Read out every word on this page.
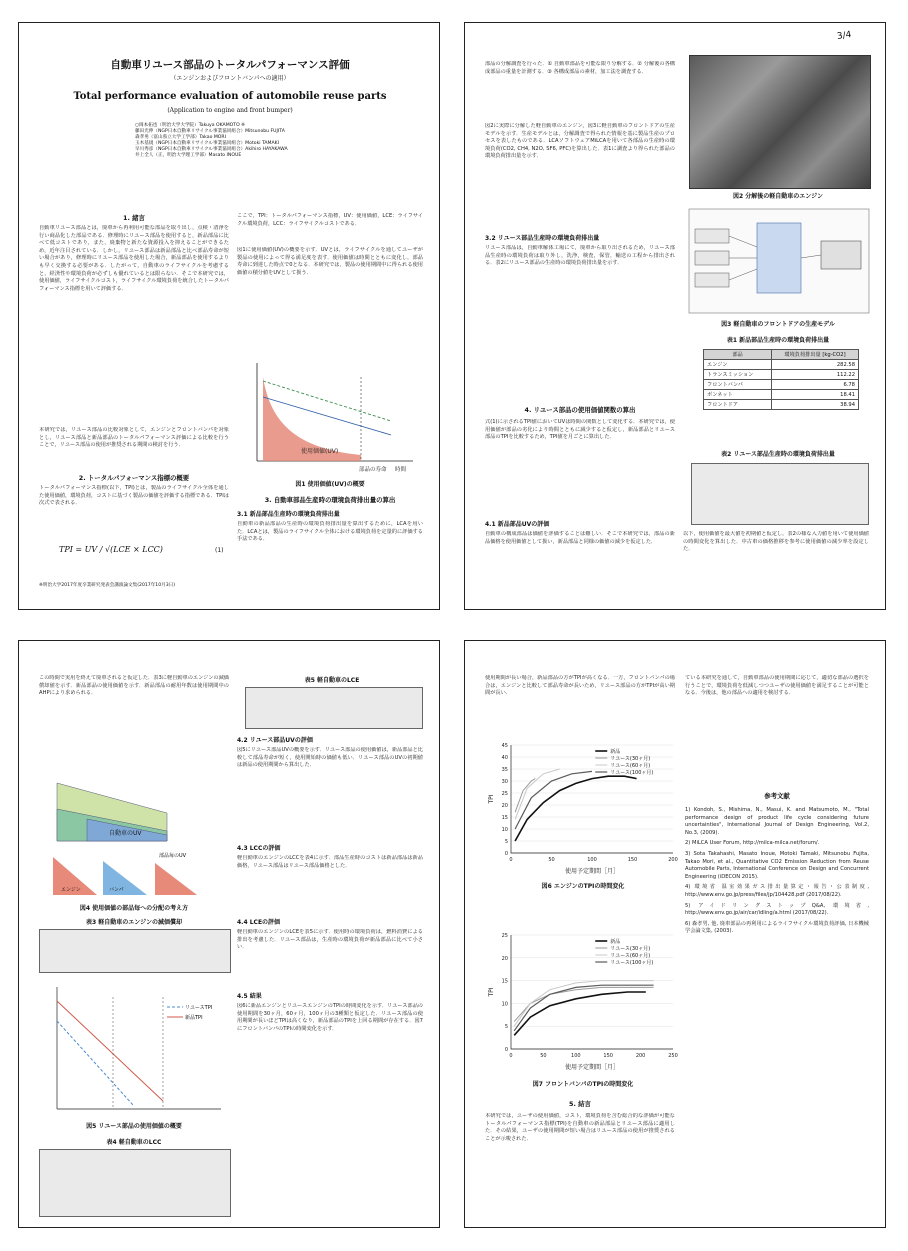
自動車リユース部品のトータルパフォーマンス評価
（エンジンおよびフロントバンパへの適用）
Total performance evaluation of automobile reuse parts
(Application to engine and front bumper)
○岡本拓也（明治大学大学院）Takuya OKAMOTO ※
藤田光伸（NGP日本自動車リサイクル事業協同組合）Mitsunobu FUJITA
森孝男（富山県立大学工学部）Takao MORI
玉木基規（NGP日本自動車リサイクル事業協同組合）Motoki TAMAKI
早川秀彦（NGP日本自動車リサイクル事業協同組合）Akihiro HAYAKAWA
井上全人（正，明治大学理工学部）Masato INOUE
1. 緒言
自動車リユース部品とは，廃車から再利用可能な部品を取り出し，点検・清浄を行い商品化した部品である．修理時にリユース部品を使用すると，新品部品に比べて低コストであり，また，廃棄物と新たな資源投入を抑えることができるため，近年注目されている．しかし，リユース部品は新品部品と比べ部品寿命が短い場合があり，修理時にリユース部品を使用した場合，新品部品を使用するよりも早く交換する必要がある．したがって，自動車のライフサイクルを考慮すると，経済性や環境負荷が必ずしも優れているとは限らない．そこで本研究では，使用価値，ライフサイクルコスト，ライフサイクル環境負荷を統合したトータルパフォーマンス指標を用いて評価する．
本研究では，リユース部品の比較対象として，エンジンとフロントバンパを対象とし，リユース部品と新品部品のトータルパフォーマンス評価による比較を行うことで，リユース部品の使用が推奨される期間の検討を行う．
2. トータルパフォーマンス指標の概要
トータルパフォーマンス指標(以下，TPI)とは，製品のライフサイクル全体を通した使用価値，環境負荷，コストに基づく製品の価値を評価する指標である．TPIは次式で表される．
TPI = UV / √(LCE × LCC)	(1)
※明治大学2017年度卒業研究発表会講演論文集(2017年10月3日)
ここで，TPI：トータルパフォーマンス指標，UV：使用価値，LCE：ライフサイクル環境負荷，LCC：ライフサイクルコストである．
図1に使用価値(UV)の概要を示す．UVとは，ライフサイクルを通してユーザが製品の使用によって得る満足度を表す．使用価値は時間とともに変化し，部品寿命に到達した時点で0となる．本研究では，製品の使用期間中に得られる使用価値の積分値をUVとして扱う．
使用価値(UV)
部品の寿命 時間
図1 使用価値(UV)の概要
3. 自動車部品生産時の環境負荷排出量の算出
3.1 新品部品生産時の環境負荷排出量
自動車の新品部品の生産時の環境負荷排出量を算出するために，LCAを用いた．LCAとは，製品のライフサイクル全体における環境負荷を定量的に評価する手法である．
3/4
部品の分解調査を行った．① 自動車部品を可能な限り分解する．② 分解後の各構成部品の重量を計測する．③ 各構成部品の素材，加工法を調査する．
図2に実際に分解した軽自動車のエンジン，図3に軽自動車のフロントドアの生産モデルを示す．生産モデルとは，分解調査で得られた情報を基に製品生産のプロセスを表したものである．LCAソフトウェアMiLCAを用いて各部品の生産時の環境負荷(CO2, CH4, N2O, SF6, PFC)を算出した．表1に調査より得られた部品の環境負荷排出量を示す．
3.2 リユース部品生産時の環境負荷排出量
リユース部品は，自動車解体工場にて，廃車から取り出されるため，リユース部品生産時の環境負荷は取り外し，洗浄，検査，保管，輸送の工程から排出される．表2にリユース部品の生産時の環境負荷排出量を示す．
4. リユース部品の使用価値関数の算出
式(1)に示されるTPI値においてUVは時間の関数として変化する．本研究では，使用価値が部品の劣化により時間とともに減少すると仮定し，新品部品とリユース部品のTPIを比較するため，TPI値を月ごとに算出した．
4.1 新品部品UVの評価
自動車の構成部品は価値を評価することは難しい．そこで本研究では，部品の新品価格を使用価値として扱い，新品部品と同様の価値の減少を仮定した．
図2 分解後の軽自動車のエンジン
図3 軽自動車のフロントドアの生産モデル
表1 新品部品生産時の環境負荷排出量
部品	環境負荷排出量 [kg-CO2]
エンジン	282.58
トランスミッション	112.22
フロントバンパ	6.78
ボンネット	18.41
フロントドア	38.94
表2 リユース部品生産時の環境負荷排出量
以下，使用価値を最大値を初期値と仮定し，表2の様な入力値を用いて使用価値の時間変化を算出した．中古車の価格推移を参考に使用価値の減少率を設定した．
この時間で実用を終えて廃車されると仮定した．表3に軽自動車のエンジンの減価償却値を示す．新品部品の使用価値を示す．新品部品の耐用年数は使用期間中のAHPにより求められる．
自動車のUV
エンジン	バンパ
部品毎のUV
図4 使用価値の部品毎への分配の考え方
表3 軽自動車のエンジンの減価償却
リユースTPI
新品TPI
図5 リユース部品の使用価値の概要
表4 軽自動車のLCC
表5 軽自動車のLCE
4.2 リユース部品UVの評価
図5にリユース部品UVの概要を示す．リユース部品の使用価値は，新品部品と比較して部品寿命が短く，使用開始時の価値も低い．リユース部品のUVの初期値は新品の使用期間から算出した．
4.3 LCCの評価
軽自動車のエンジンのLCCを表4に示す．部品生産時のコストは新品部品は新品価格，リユース部品はリユース部品価格とした．
4.4 LCEの評価
軽自動車のエンジンのLCEを表5に示す．使用時の環境負荷は，燃料消費による排出を考慮した．リユース部品は，生産時の環境負荷が新品部品に比べて小さい．
4.5 結果
図6に新品エンジンとリユースエンジンのTPIの時間変化を示す．リユース部品の使用期間を30ヶ月，60ヶ月，100ヶ月の3種類と仮定した．リユース部品の使用期間が長いほどTPIは高くなり，新品部品のTPIを上回る期間が存在する．図7にフロントバンパのTPIの時間変化を示す．
使用期間が長い場合，新品部品の方がTPIが高くなる．一方，フロントバンパの場合は，エンジンと比較して部品寿命が長いため，リユース部品の方がTPIが高い期間が長い．
0
5
10
15
20
25
30
35
40
45
0	50	100	150	200
使用予定期間［月］
TPI
新品
リユース(30ヶ月)
リユース(60ヶ月)
リユース(100ヶ月)
図6 エンジンのTPIの時間変化
0
5
10
15
20
25
0	50	100	150	200	250
使用予定期間［月］
TPI
新品
リユース(30ヶ月)
リユース(60ヶ月)
リユース(100ヶ月)
図7 フロントバンパのTPIの時間変化
5. 結言
本研究では，ユーザの使用価値，コスト，環境負荷を含む総合的な評価が可能なトータルパフォーマンス指標(TPI)を自動車の新品部品とリユース部品に適用した．その結果，ユーザの使用期間が短い場合はリユース部品の使用が推奨されることが示唆された．
ている本研究を通して，自動車部品の使用期間に応じて，適切な部品の選択を行うことで，環境負荷を低減しつつユーザの使用価値を満足することが可能となる．今後は，他の部品への適用を検討する．
参考文献
1) Kondoh, S., Mishima, N., Masui, K. and Matsumoto, M., "Total performance design of product life cycle considering future uncertainties", International Journal of Design Engineering, Vol.2, No.3, (2009).
2) MiLCA User Forum, http://milca-milca.net/forum/.
3) Sota Takahashi, Masato Inoue, Motoki Tamaki, Mitsunobu Fujita, Takao Mori, et al., Quantitative CO2 Emission Reduction from Reuse Automobile Parts, International Conference on Design and Concurrent Engineering (iDECON 2015).
4) 環境省 温室効果ガス排出量算定・報告・公表制度, http://www.env.go.jp/press/files/jp/104428.pdf (2017/08/22).
5) アイドリングストップQ&A, 環境省, http://www.env.go.jp/air/car/idling/a.html (2017/08/22).
6) 森孝男, 他, 廃車部品の再利用によるライフサイクル環境負荷評価, 日本機械学会論文集, (2003).
